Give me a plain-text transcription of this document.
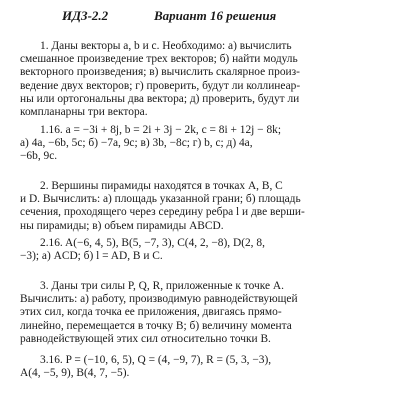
ИДЗ-2.2	Вариант 16 решения
1. Даны векторы a, b и c. Необходимо: а) вычислить
смешанное произведение трех векторов; б) найти модуль
векторного произведения; в) вычислить скалярное произ-
ведение двух векторов; г) проверить, будут ли коллинеар-
ны или ортогональны два вектора; д) проверить, будут ли
компланарны три вектора.
1.16. a = −3i + 8j, b = 2i + 3j − 2k, c = 8i + 12j − 8k;
а) 4a, −6b, 5c; б) −7a, 9c; в) 3b, −8c; г) b, c; д) 4a,
−6b, 9c.
2. Вершины пирамиды находятся в точках A, B, C
и D. Вычислить: а) площадь указанной грани; б) площадь
сечения, проходящего через середину ребра l и две верши-
ны пирамиды; в) объем пирамиды ABCD.
2.16. A(−6, 4, 5), B(5, −7, 3), C(4, 2, −8), D(2, 8,
−3); а) ACD; б) l = AD, B и C.
3. Даны три силы P, Q, R, приложенные к точке A.
Вычислить: а) работу, производимую равнодействующей
этих сил, когда точка ее приложения, двигаясь прямо-
линейно, перемещается в точку B; б) величину момента
равнодействующей этих сил относительно точки B.
3.16. P = (−10, 6, 5), Q = (4, −9, 7), R = (5, 3, −3),
A(4, −5, 9), B(4, 7, −5).
